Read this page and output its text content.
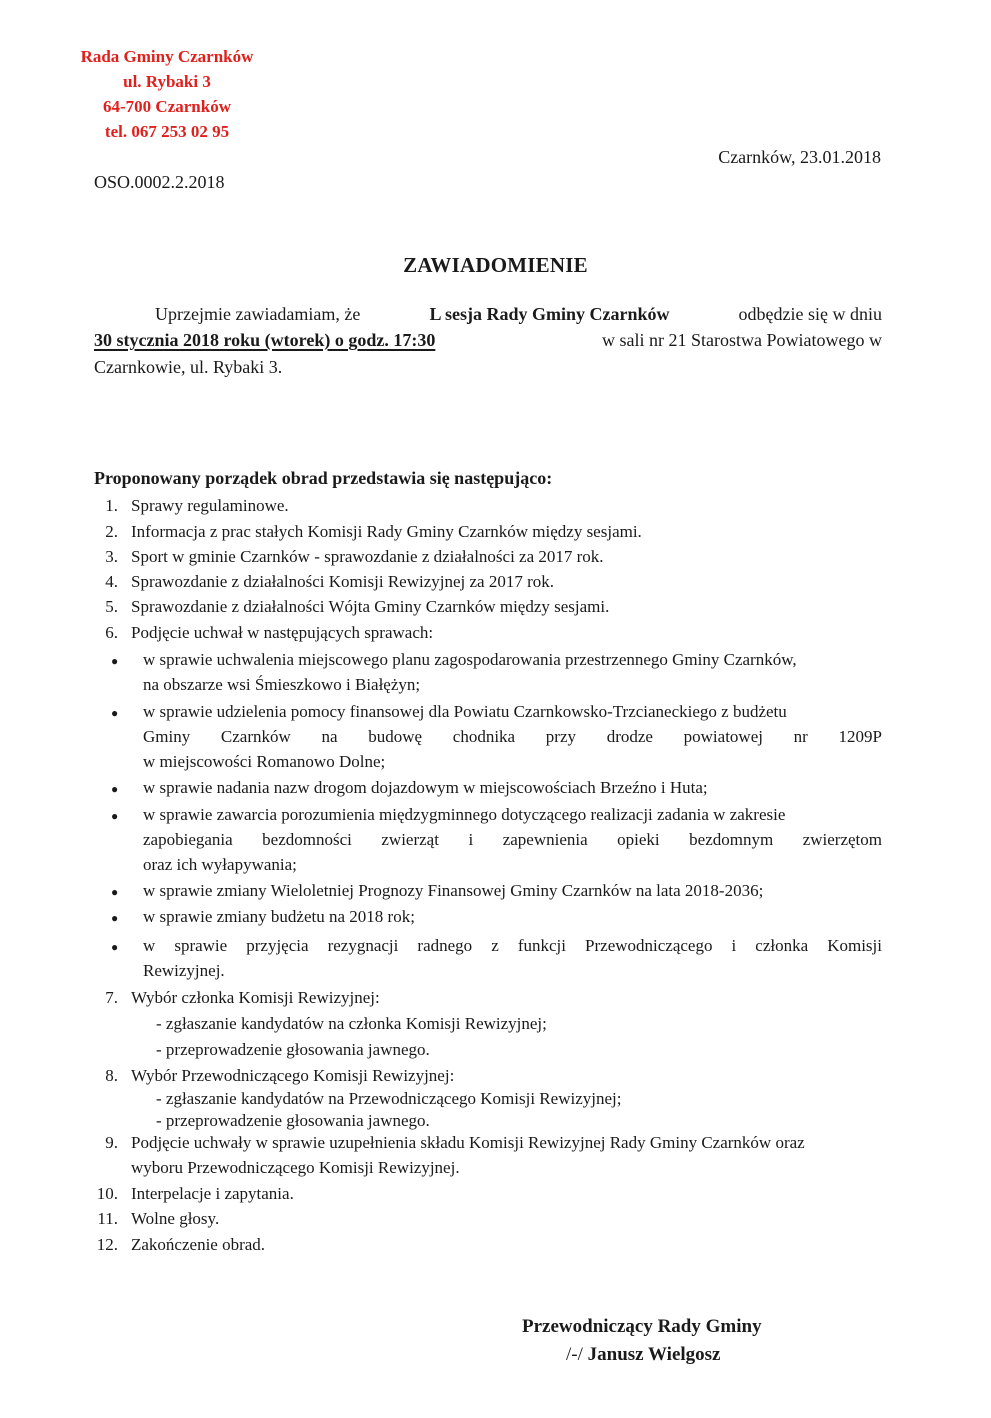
Rada Gminy Czarnków
ul. Rybaki 3
64-700 Czarnków
tel. 067 253 02 95
Czarnków, 23.01.2018
OSO.0002.2.2018
ZAWIADOMIENIE
Uprzejmie zawiadamiam, że	L sesja Rady Gminy Czarnków	odbędzie się w dniu
30 stycznia 2018 roku (wtorek) o godz. 17:30	w sali nr 21 Starostwa Powiatowego w
Czarnkowie, ul. Rybaki 3.
Proponowany porządek obrad przedstawia się następująco:
1. Sprawy regulaminowe.
2. Informacja z prac stałych Komisji Rady Gminy Czarnków między sesjami.
3. Sport w gminie Czarnków - sprawozdanie z działalności za 2017 rok.
4. Sprawozdanie z działalności Komisji Rewizyjnej za 2017 rok.
5. Sprawozdanie z działalności Wójta Gminy Czarnków między sesjami.
6. Podjęcie uchwał w następujących sprawach:
● w sprawie uchwalenia miejscowego planu zagospodarowania przestrzennego Gminy Czarnków,
na obszarze wsi Śmieszkowo i Białężyn;
● w sprawie udzielenia pomocy finansowej dla Powiatu Czarnkowsko-Trzcianeckiego z budżetu
Gminy Czarnków na budowę chodnika przy drodze powiatowej nr 1209P
w miejscowości Romanowo Dolne;
● w sprawie nadania nazw drogom dojazdowym w miejscowościach Brzeźno i Huta;
● w sprawie zawarcia porozumienia międzygminnego dotyczącego realizacji zadania w zakresie
zapobiegania bezdomności zwierząt i zapewnienia opieki bezdomnym zwierzętom
oraz ich wyłapywania;
● w sprawie zmiany Wieloletniej Prognozy Finansowej Gminy Czarnków na lata 2018-2036;
● w sprawie zmiany budżetu na 2018 rok;
● w sprawie przyjęcia rezygnacji radnego z funkcji Przewodniczącego i członka Komisji
Rewizyjnej.
7. Wybór członka Komisji Rewizyjnej:
- zgłaszanie kandydatów na członka Komisji Rewizyjnej;
- przeprowadzenie głosowania jawnego.
8. Wybór Przewodniczącego Komisji Rewizyjnej:
- zgłaszanie kandydatów na Przewodniczącego Komisji Rewizyjnej;
- przeprowadzenie głosowania jawnego.
9. Podjęcie uchwały w sprawie uzupełnienia składu Komisji Rewizyjnej Rady Gminy Czarnków oraz
wyboru Przewodniczącego Komisji Rewizyjnej.
10. Interpelacje i zapytania.
11. Wolne głosy.
12. Zakończenie obrad.
Przewodniczący Rady Gminy
/-/ Janusz Wielgosz
